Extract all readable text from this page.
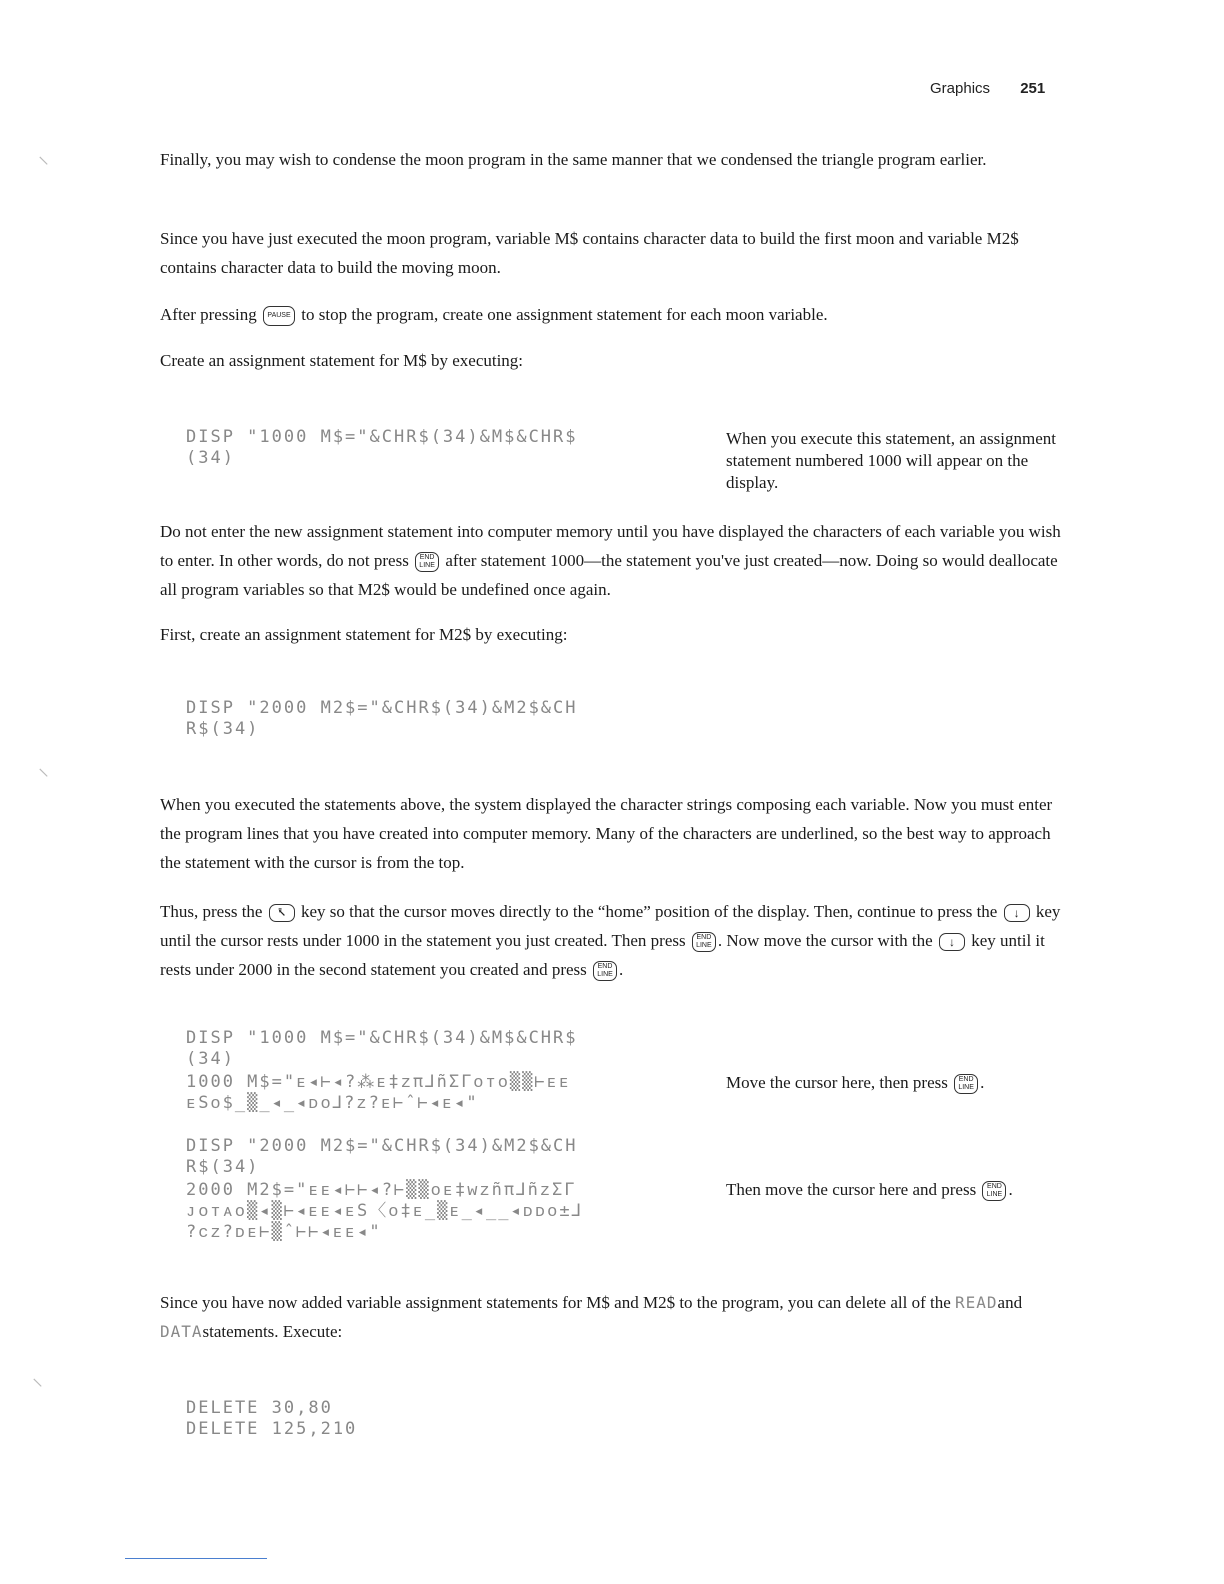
Graphics 251
⸜
⸜
⸜

Finally, you may wish to condense the moon program in the same manner that we condensed the triangle program earlier.

Since you have just executed the moon program, variable M$ contains character data to build the first moon and variable M2$ contains character data to build the moving moon.

After pressing PAUSE to stop the program, create one assignment statement for each moon variable.

Create an assignment statement for M$ by executing:

DISP "1000 M$="&CHR$(34)&M$&CHR$
(34)
When you execute this statement, an assignment statement numbered 1000 will appear on the display.

Do not enter the new assignment statement into computer memory until you have displayed the characters of each variable you wish to enter. In other words, do not press END
LINE after statement 1000—the statement you've just created—now. Doing so would deallocate all program variables so that M2$ would be undefined once again.

First, create an assignment statement for M2$ by executing:

DISP "2000 M2$="&CHR$(34)&M2$&CH
R$(34)

When you executed the statements above, the system displayed the character strings composing each variable. Now you must enter the program lines that you have created into computer memory. Many of the characters are underlined, so the best way to approach the statement with the cursor is from the top.

Thus, press the ⭶ key so that the cursor moves directly to the “home” position of the display. Then, continue to press the ↓ key until the cursor rests under 1000 in the statement you just created. Then press END
LINE . Now move the cursor with the ↓ key until it rests under 2000 in the second statement you created and press END
LINE .

DISP "1000 M$="&CHR$(34)&M$&CHR$
(34)
1000 M$="ᴇ◂⊢◂?⁂ᴇ‡ᴢπ⅃ñΣΓᴏᴛᴏ▒▒⊢ᴇᴇ
ᴇSᴏ$_▒_◂_◂ᴅᴏ⅃?ᴢ?ᴇ⊢ˆ⊢◂ᴇ◂"
Move the cursor here, then press END
LINE .
DISP "2000 M2$="&CHR$(34)&M2$&CH
R$(34)
2000 M2$="ᴇᴇ◂⊢⊢◂?⊢▒▒ᴏᴇ‡ᴡᴢñπ⅃ñᴢΣΓ
ᴊᴏᴛᴀᴏ▒◂▒⊢◂ᴇᴇ◂ᴇS〈ᴏ‡ᴇ_▒ᴇ_◂__◂ᴅᴅᴏ±⅃
?ᴄᴢ?ᴅᴇ⊢▒ˆ⊢⊢◂ᴇᴇ◂"
Then move the cursor here and press END
LINE .

Since you have now added variable assignment statements for M$ and M2$ to the program, you can delete all of the READand DATAstatements. Execute:

DELETE 30,80
DELETE 125,210
